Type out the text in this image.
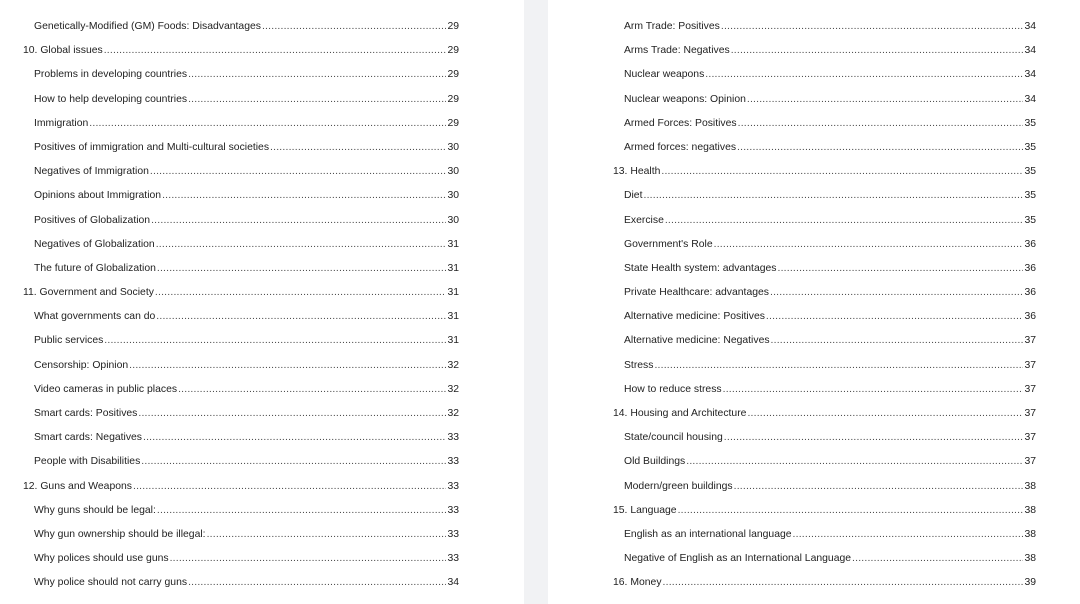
Genetically-Modified (GM) Foods: Disadvantages .....	29
10. Global issues .....	29
Problems in developing countries .....	29
How to help developing countries .....	29
Immigration .....	29
Positives of immigration and Multi-cultural societies .....	30
Negatives of Immigration .....	30
Opinions about Immigration .....	30
Positives of Globalization .....	30
Negatives of Globalization .....	31
The future of Globalization .....	31
11. Government and Society .....	31
What governments can do .....	31
Public services .....	31
Censorship: Opinion .....	32
Video cameras in public places .....	32
Smart cards: Positives .....	32
Smart cards: Negatives .....	33
People with Disabilities .....	33
12. Guns and Weapons .....	33
Why guns should be legal: .....	33
Why gun ownership should be illegal: .....	33
Why polices should use guns .....	33
Why police should not carry guns .....	34
Arm Trade: Positives .....	34
Arms Trade: Negatives .....	34
Nuclear weapons .....	34
Nuclear weapons: Opinion .....	34
Armed Forces: Positives .....	35
Armed forces: negatives .....	35
13. Health .....	35
Diet .....	35
Exercise .....	35
Government's Role .....	36
State Health system: advantages .....	36
Private Healthcare: advantages .....	36
Alternative medicine: Positives .....	36
Alternative medicine: Negatives .....	37
Stress .....	37
How to reduce stress .....	37
14. Housing and Architecture .....	37
State/council housing .....	37
Old Buildings .....	37
Modern/green buildings .....	38
15. Language .....	38
English as an international language .....	38
Negative of English as an International Language .....	38
16. Money .....	39
